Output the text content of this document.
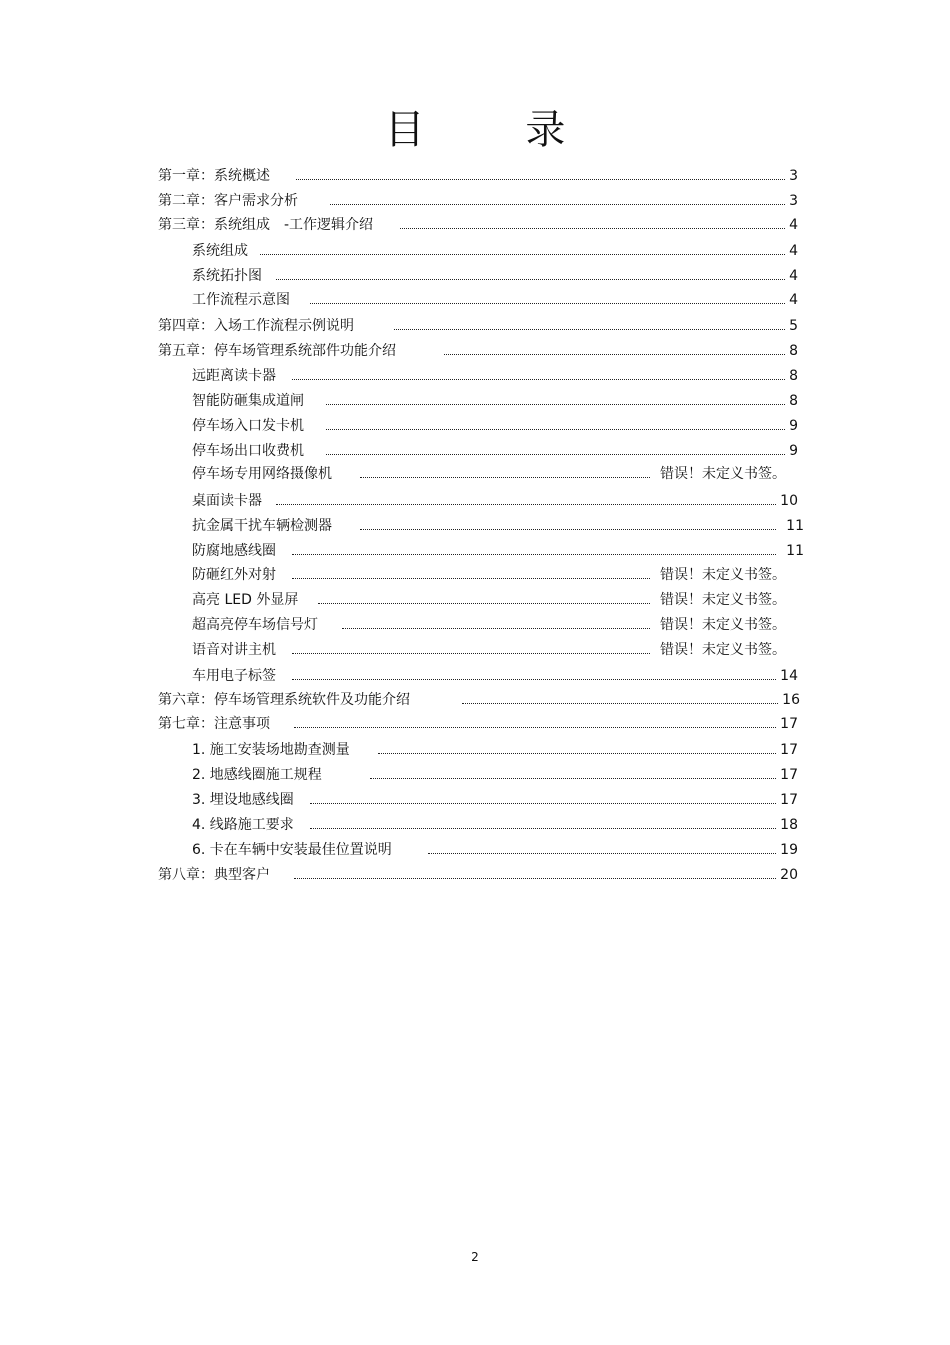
目 录
第一章：系统概述	3
第二章：客户需求分析	3
第三章：系统组成　-工作逻辑介绍	4
系统组成	4
系统拓扑图	4
工作流程示意图	4
第四章：入场工作流程示例说明	5
第五章：停车场管理系统部件功能介绍	8
远距离读卡器	8
智能防砸集成道闸	8
停车场入口发卡机	9
停车场出口收费机	9
停车场专用网络摄像机	错误！未定义书签。
桌面读卡器	10
抗金属干扰车辆检测器	11
防腐地感线圈	11
防砸红外对射	错误！未定义书签。
高亮 LED 外显屏	错误！未定义书签。
超高亮停车场信号灯	错误！未定义书签。
语音对讲主机	错误！未定义书签。
车用电子标签	14
第六章：停车场管理系统软件及功能介绍	16
第七章：注意事项	17
1. 施工安装场地勘查测量	17
2. 地感线圈施工规程	17
3. 埋设地感线圈	17
4. 线路施工要求	18
6. 卡在车辆中安装最佳位置说明	19
第八章：典型客户	20
2
